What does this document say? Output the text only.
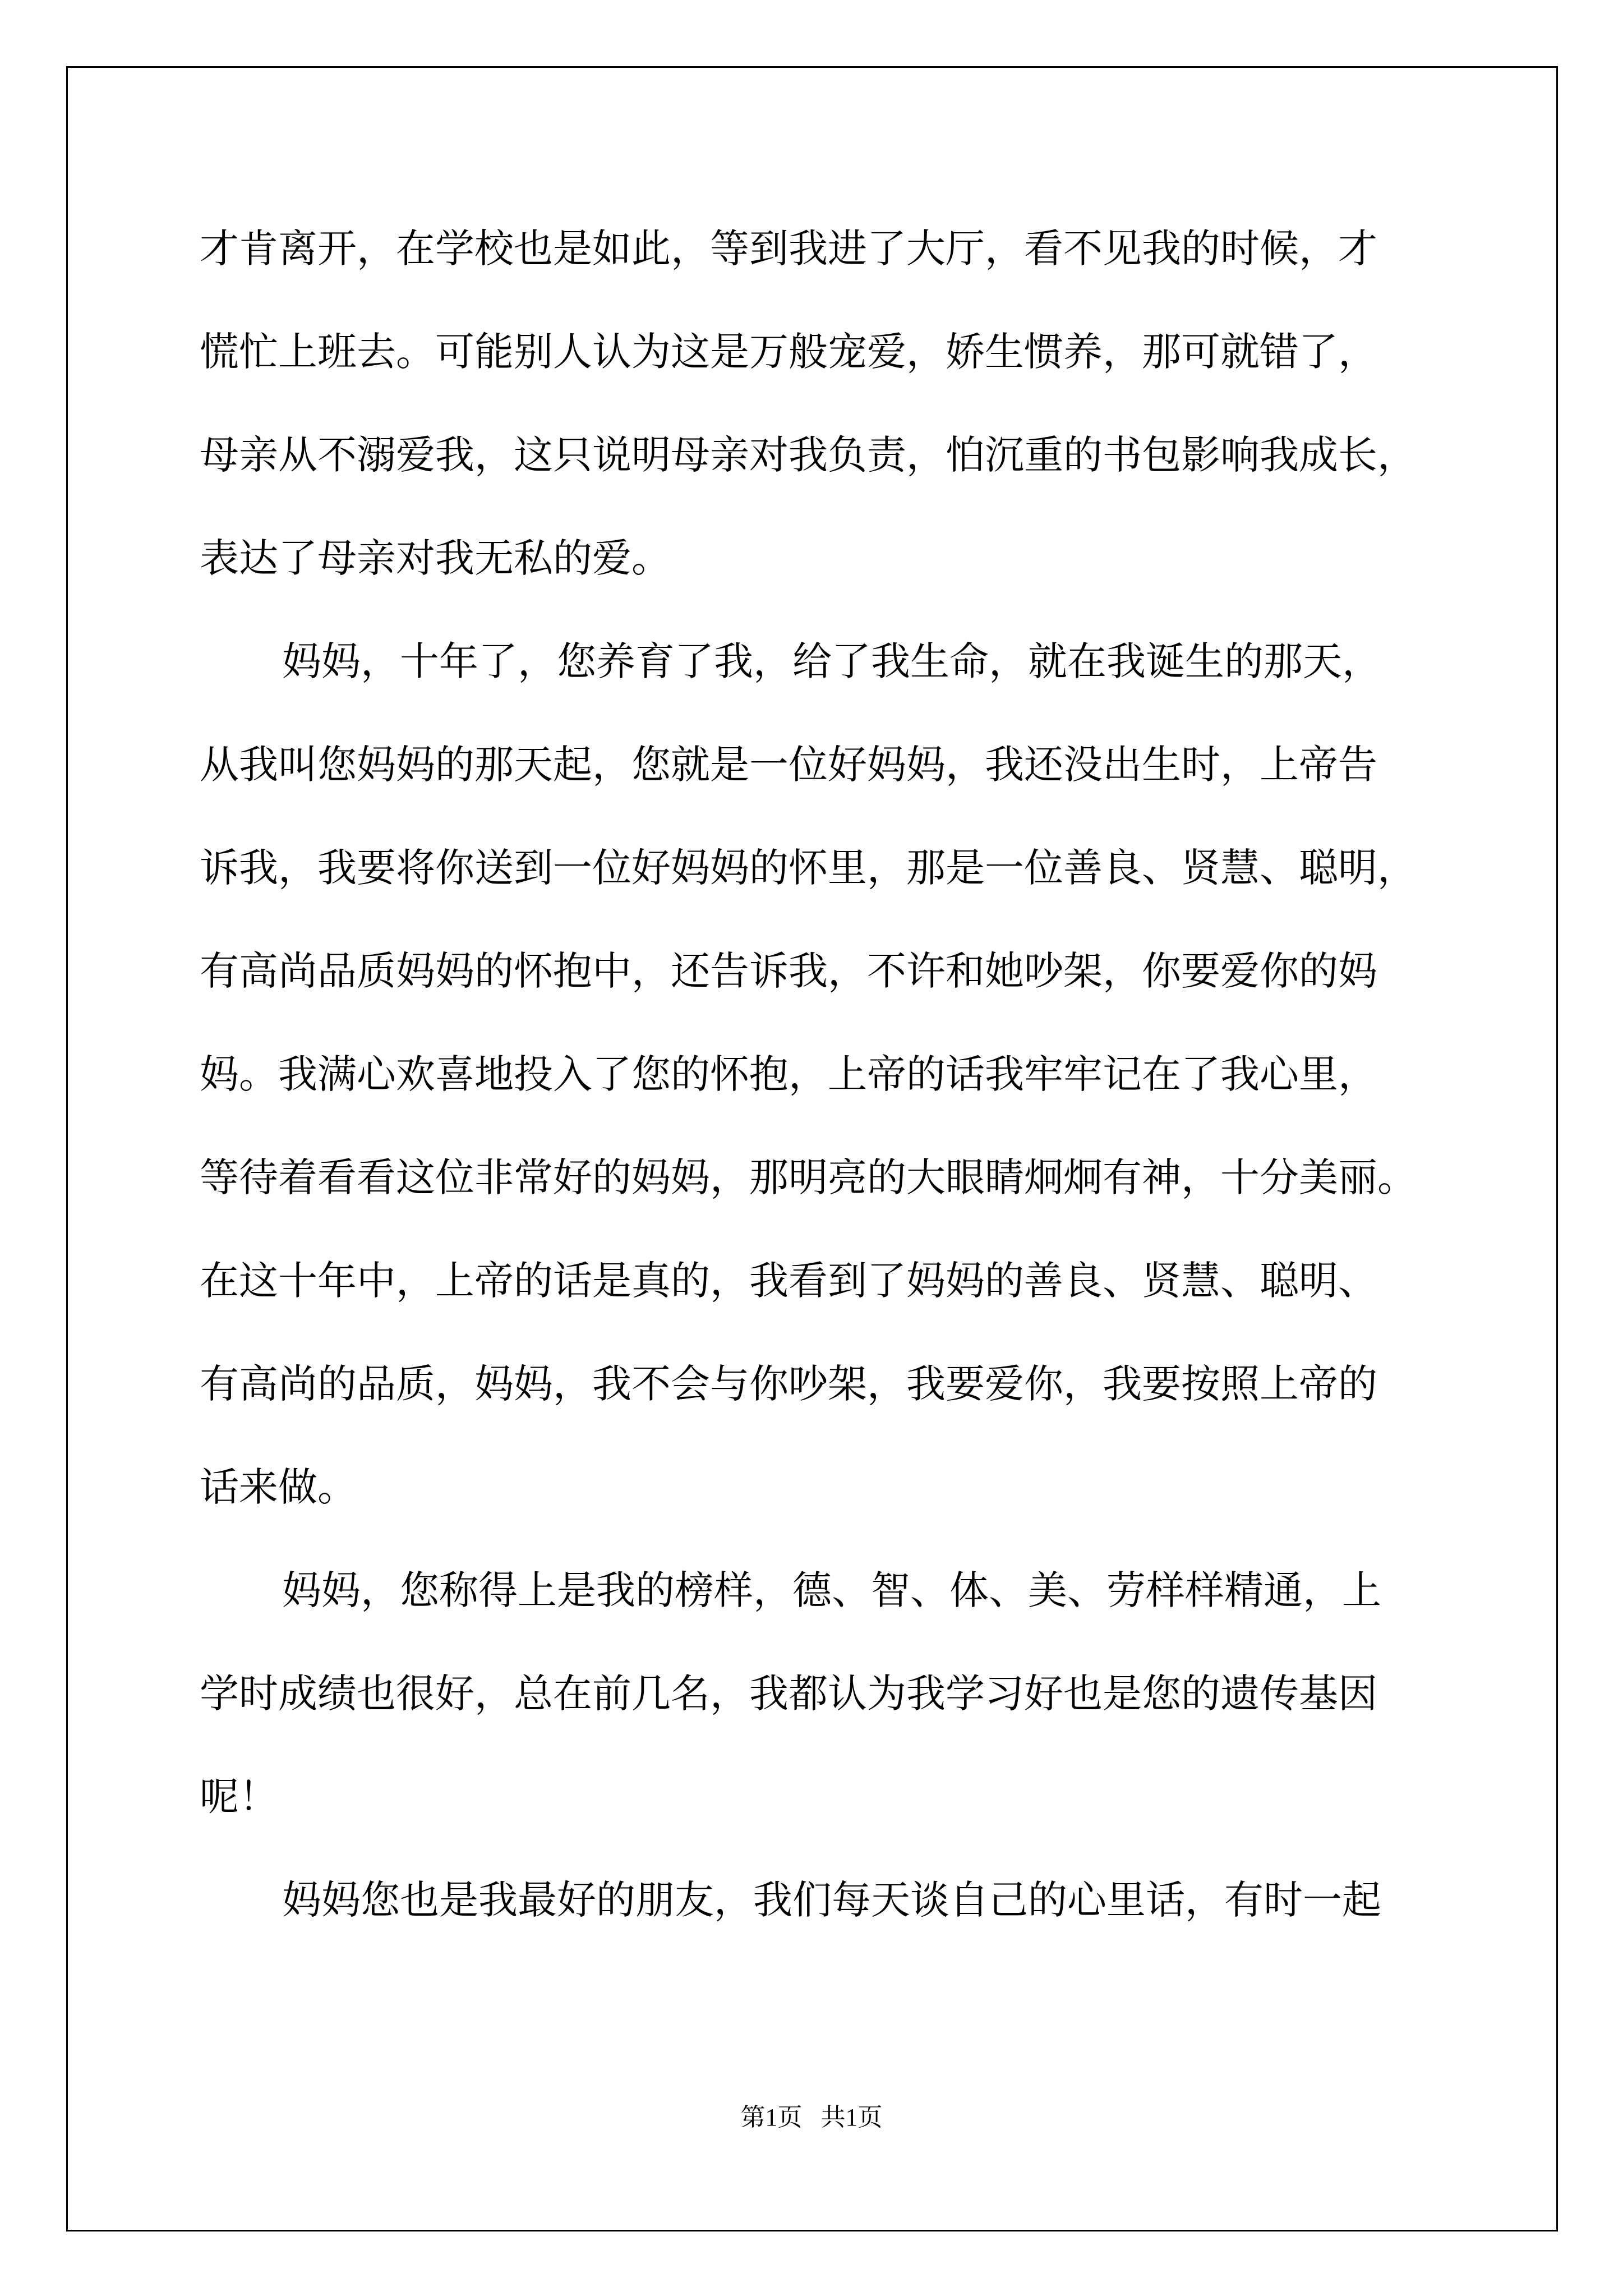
才肯离开，在学校也是如此，等到我进了大厅，看不见我的时候，才
慌忙上班去。可能别人认为这是万般宠爱，娇生惯养，那可就错了，
母亲从不溺爱我，这只说明母亲对我负责，怕沉重的书包影响我成长，
表达了母亲对我无私的爱。
妈妈，十年了，您养育了我，给了我生命，就在我诞生的那天，
从我叫您妈妈的那天起，您就是一位好妈妈，我还没出生时，上帝告
诉我，我要将你送到一位好妈妈的怀里，那是一位善良、贤慧、聪明，
有高尚品质妈妈的怀抱中，还告诉我，不许和她吵架，你要爱你的妈
妈。我满心欢喜地投入了您的怀抱，上帝的话我牢牢记在了我心里，
等待着看看这位非常好的妈妈，那明亮的大眼睛炯炯有神，十分美丽。
在这十年中，上帝的话是真的，我看到了妈妈的善良、贤慧、聪明、
有高尚的品质，妈妈，我不会与你吵架，我要爱你，我要按照上帝的
话来做。
妈妈，您称得上是我的榜样，德、智、体、美、劳样样精通，上
学时成绩也很好，总在前几名，我都认为我学习好也是您的遗传基因
呢！
妈妈您也是我最好的朋友，我们每天谈自己的心里话，有时一起
第1页   共1页
